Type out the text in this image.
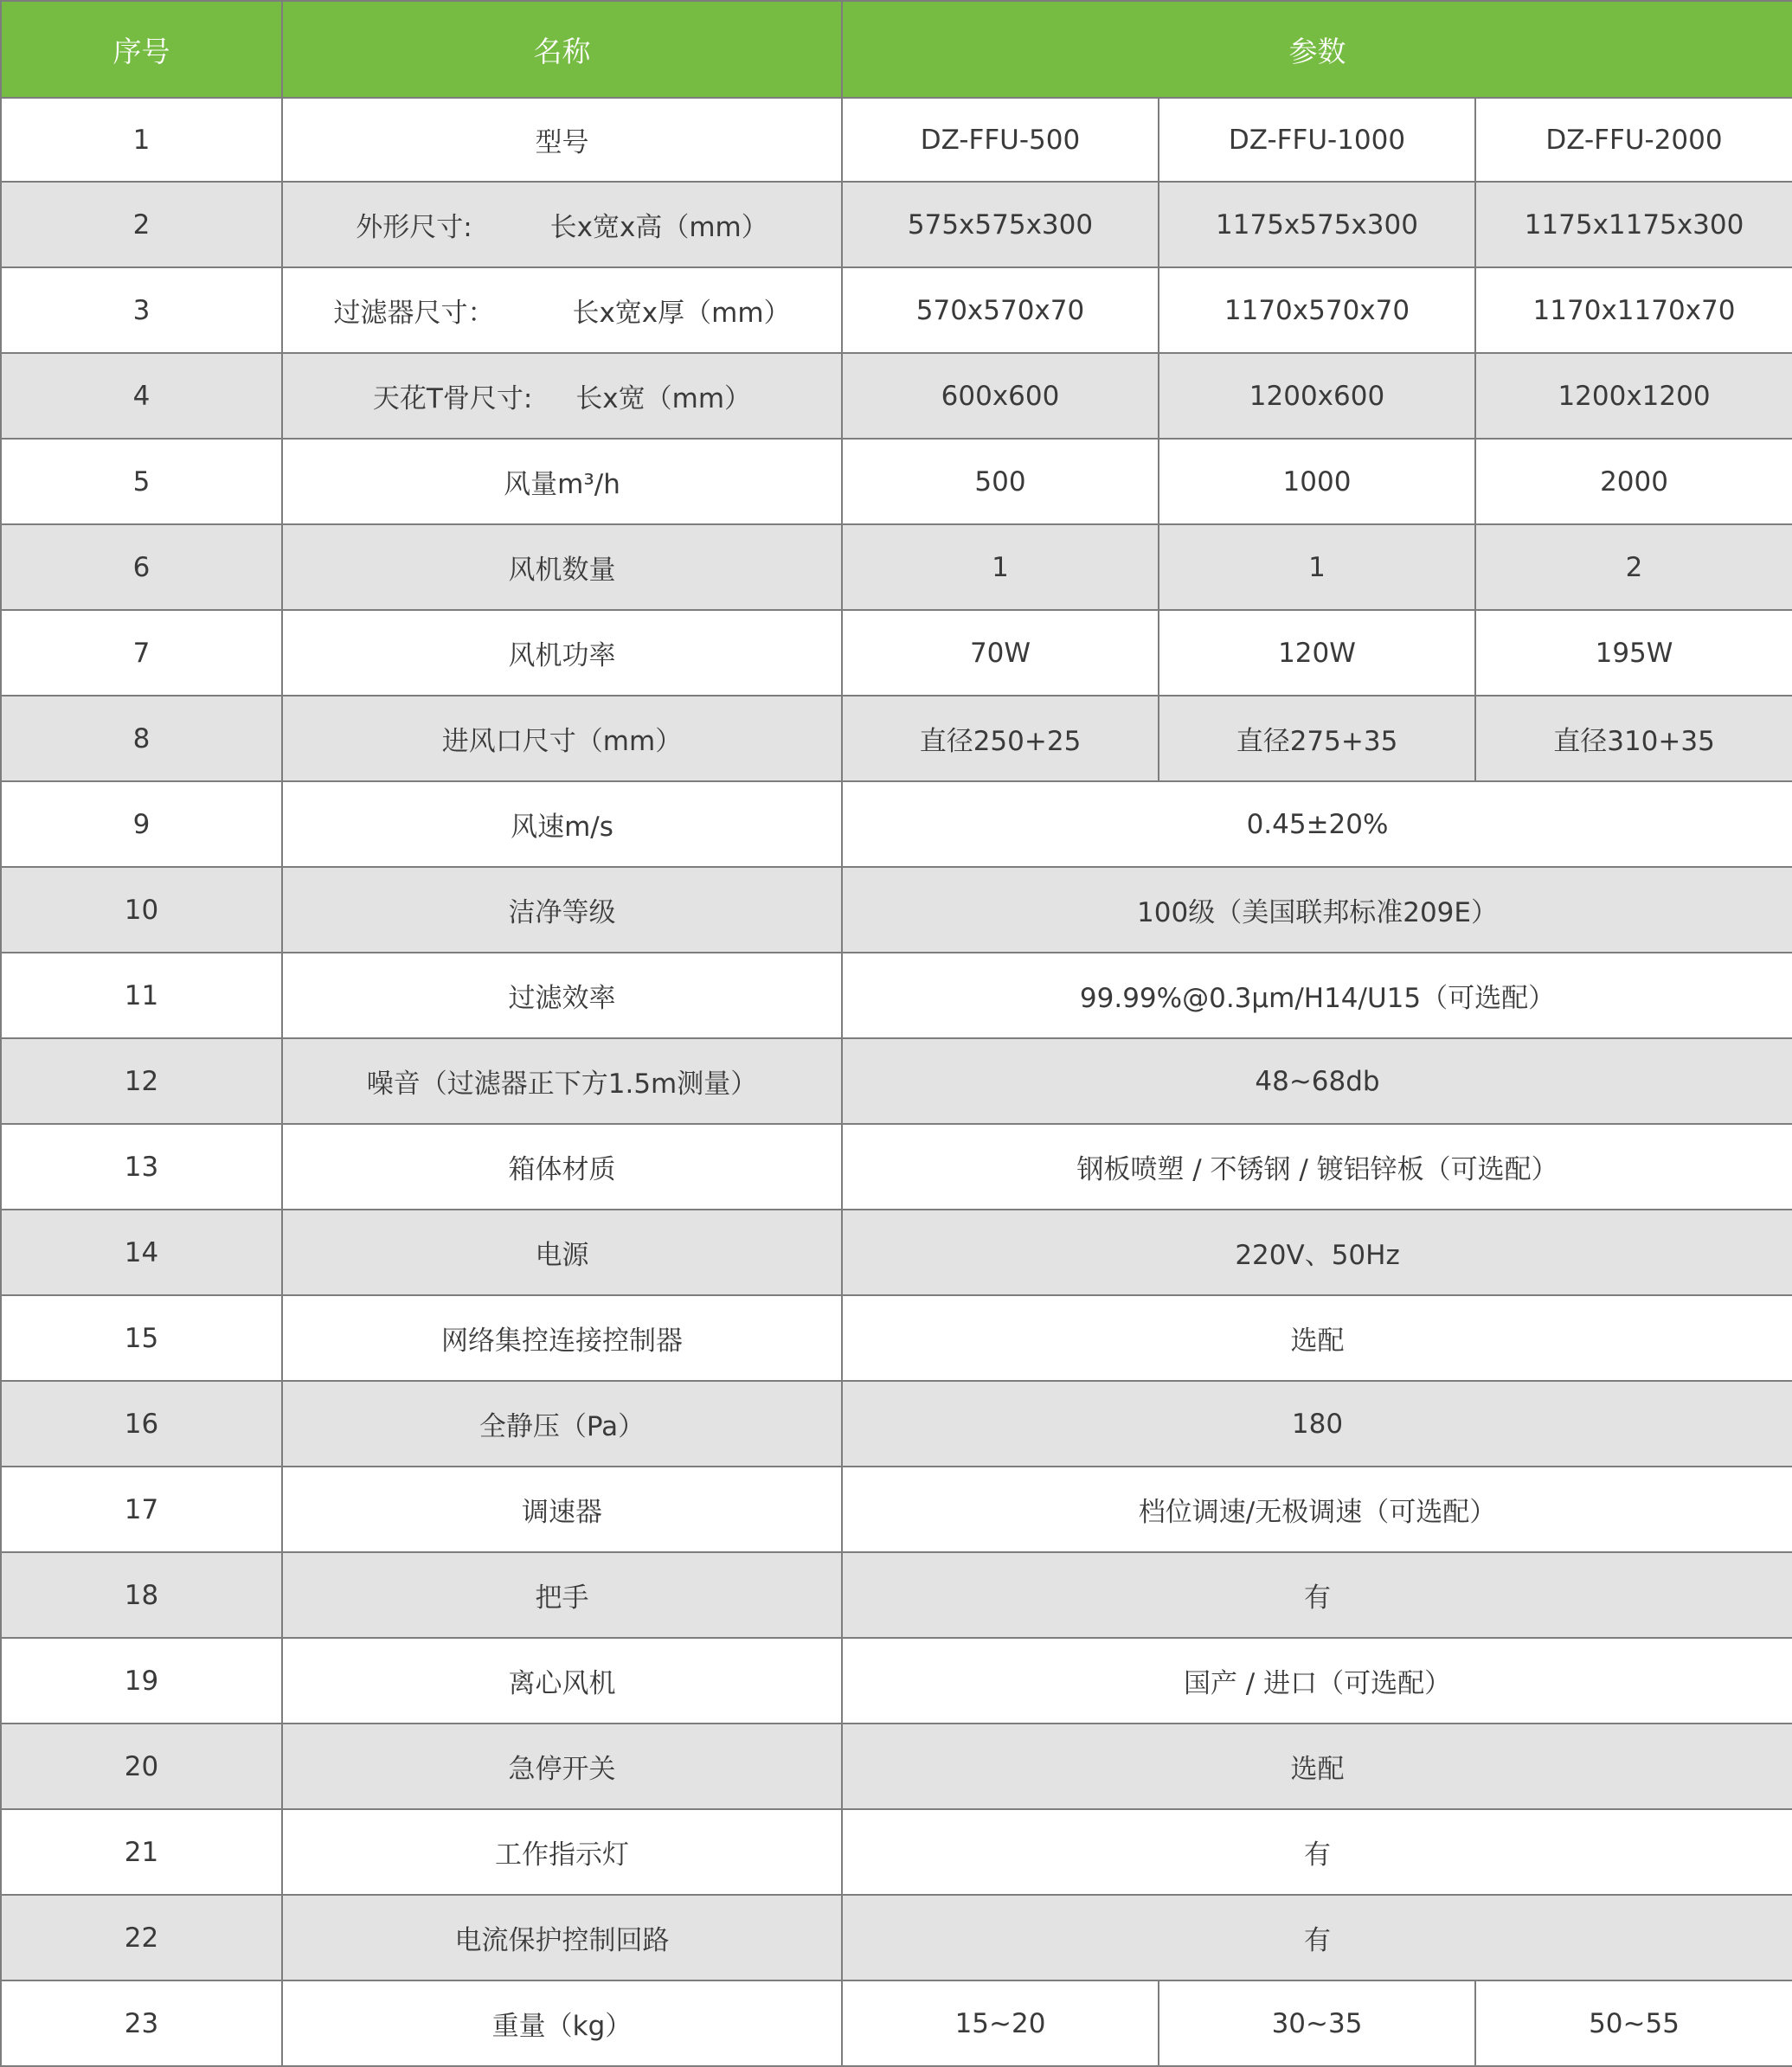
序号	名称	参数		
1	型号	DZ-FFU-500	DZ-FFU-1000	DZ-FFU-2000
2	外形尺寸: 长x宽x高（mm）	575x575x300	1175x575x300	1175x1175x300
3	过滤器尺寸： 长x宽x厚（mm）	570x570x70	1170x570x70	1170x1170x70
4	天花T骨尺寸: 长x宽（mm）	600x600	1200x600	1200x1200
5	风量m³/h	500	1000	2000
6	风机数量	1	1	2
7	风机功率	70W	120W	195W
8	进风口尺寸（mm）	直径250+25	直径275+35	直径310+35
9	风速m/s	0.45±20%		
10	洁净等级	100级（美国联邦标准209E）		
11	过滤效率	99.99%@0.3μm/H14/U15（可选配）		
12	噪音（过滤器正下方1.5m测量）	48~68db		
13	箱体材质	钢板喷塑 / 不锈钢 / 镀铝锌板（可选配）		
14	电源	220V、50Hz		
15	网络集控连接控制器	选配		
16	全静压（Pa）	180		
17	调速器	档位调速/无极调速（可选配）		
18	把手	有		
19	离心风机	国产 / 进口（可选配）		
20	急停开关	选配		
21	工作指示灯	有		
22	电流保护控制回路	有		
23	重量（kg）	15~20	30~35	50~55
